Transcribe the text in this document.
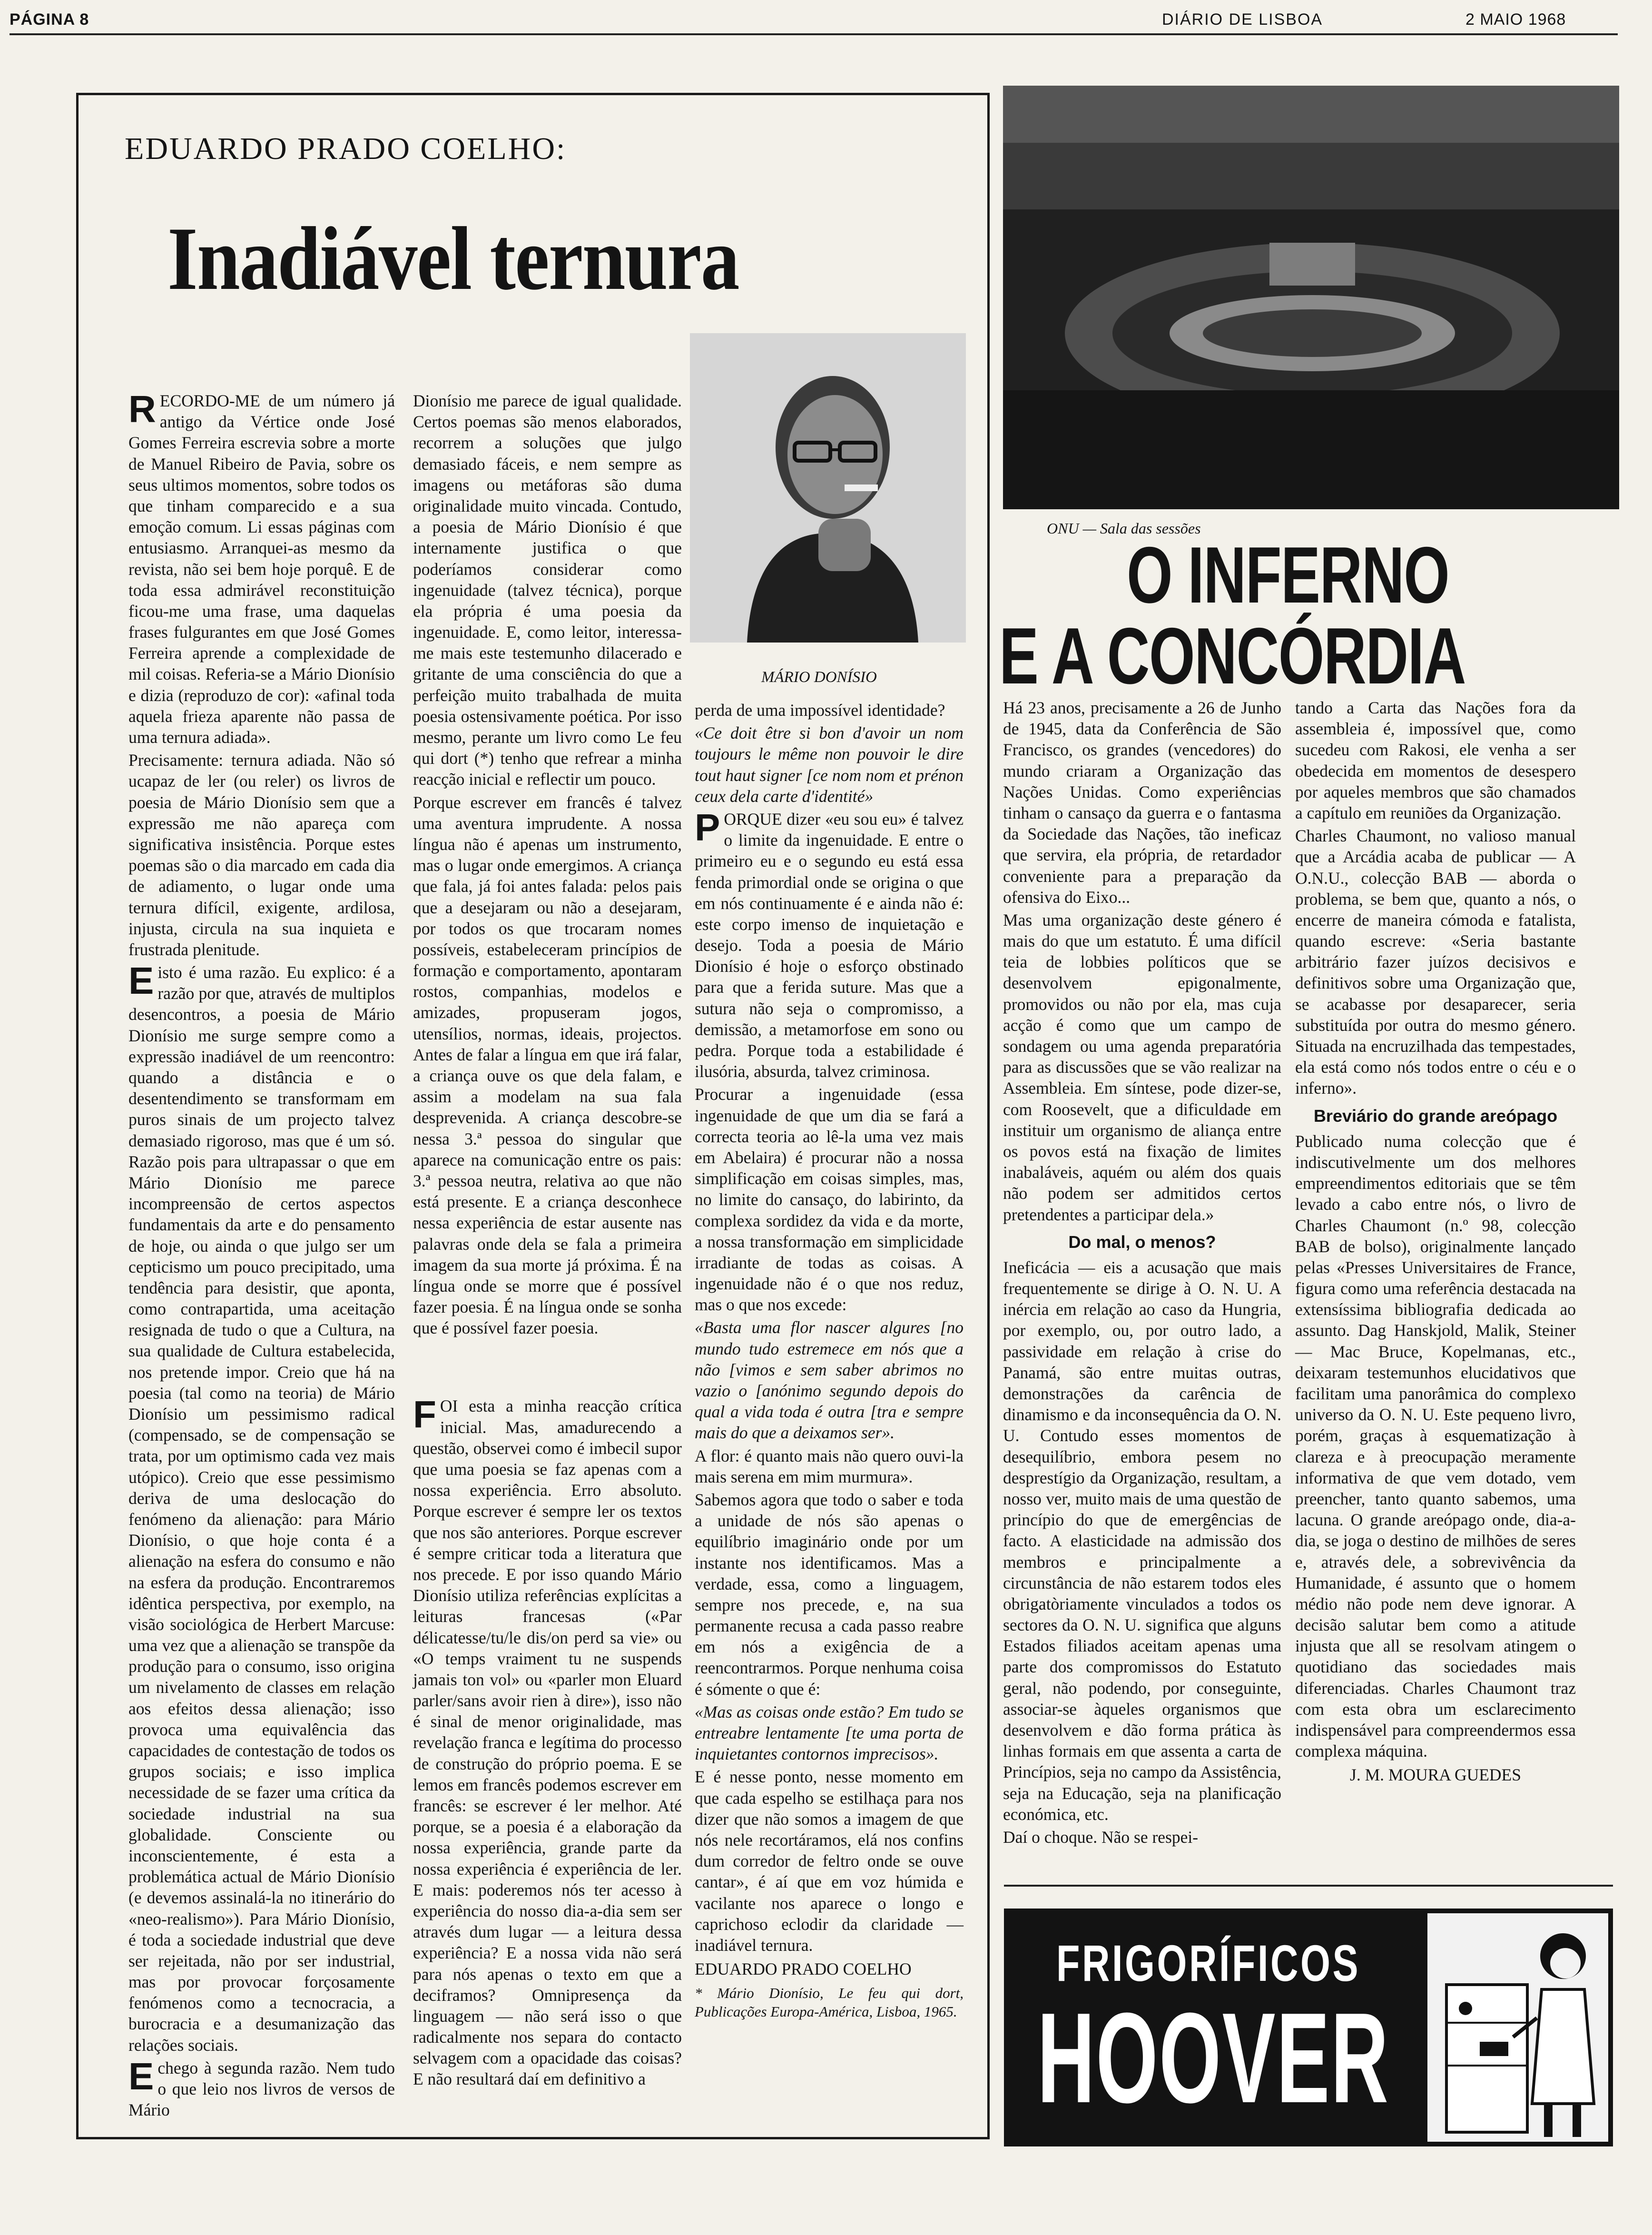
PÁGINA 8	DIÁRIO DE LISBOA	2 MAIO 1968
EDUARDO PRADO COELHO:
Inadiável ternura
MÁRIO DONÍSIO

RECORDO-ME de um número já antigo da Vértice onde José Gomes Ferreira escrevia sobre a morte de Manuel Ribeiro de Pavia, sobre os seus ultimos momentos, sobre todos os que tinham comparecido e a sua emoção comum. Li essas páginas com entusiasmo. Arranquei-as mesmo da revista, não sei bem hoje porquê. E de toda essa admirável reconstituição ficou-me uma frase, uma daquelas frases fulgurantes em que José Gomes Ferreira aprende a complexidade de mil coisas. Referia-se a Mário Dionísio e dizia (reproduzo de cor): «afinal toda aquela frieza aparente não passa de uma ternura adiada».

Precisamente: ternura adiada. Não só ucapaz de ler (ou reler) os livros de poesia de Mário Dionísio sem que a expressão me não apareça com significativa insistência. Porque estes poemas são o dia marcado em cada dia de adiamento, o lugar onde uma ternura difícil, exigente, ardilosa, injusta, circula na sua inquieta e frustrada plenitude.

Eisto é uma razão. Eu explico: é a razão por que, através de multiplos desencontros, a poesia de Mário Dionísio me surge sempre como a expressão inadiável de um reencontro: quando a distância e o desentendimento se transformam em puros sinais de um projecto talvez demasiado rigoroso, mas que é um só. Razão pois para ultrapassar o que em Mário Dionísio me parece incompreensão de certos aspectos fundamentais da arte e do pensamento de hoje, ou ainda o que julgo ser um cepticismo um pouco precipitado, uma tendência para desistir, que aponta, como contrapartida, uma aceitação resignada de tudo o que a Cultura, na sua qualidade de Cultura estabelecida, nos pretende impor. Creio que há na poesia (tal como na teoria) de Mário Dionísio um pessimismo radical (compensado, se de compensação se trata, por um optimismo cada vez mais utópico). Creio que esse pessimismo deriva de uma deslocação do fenómeno da alienação: para Mário Dionísio, o que hoje conta é a alienação na esfera do consumo e não na esfera da produção. Encontraremos idêntica perspectiva, por exemplo, na visão sociológica de Herbert Marcuse: uma vez que a alienação se transpõe da produção para o consumo, isso origina um nivelamento de classes em relação aos efeitos dessa alienação; isso provoca uma equivalência das capacidades de contestação de todos os grupos sociais; e isso implica necessidade de se fazer uma crítica da sociedade industrial na sua globalidade. Consciente ou inconscientemente, é esta a problemática actual de Mário Dionísio (e devemos assinalá-la no itinerário do «neo-realismo»). Para Mário Dionísio, é toda a sociedade industrial que deve ser rejeitada, não por ser industrial, mas por provocar forçosamente fenómenos como a tecnocracia, a burocracia e a desumanização das relações sociais.

Echego à segunda razão. Nem tudo o que leio nos livros de versos de Mário

Dionísio me parece de igual qualidade. Certos poemas são menos elaborados, recorrem a soluções que julgo demasiado fáceis, e nem sempre as imagens ou metáforas são duma originalidade muito vincada. Contudo, a poesia de Mário Dionísio é que internamente justifica o que poderíamos considerar como ingenuidade (talvez técnica), porque ela própria é uma poesia da ingenuidade. E, como leitor, interessa-me mais este testemunho dilacerado e gritante de uma consciência do que a perfeição muito trabalhada de muita poesia ostensivamente poética. Por isso mesmo, perante um livro como Le feu qui dort (*) tenho que refrear a minha reacção inicial e reflectir um pouco.

Porque escrever em francês é talvez uma aventura imprudente. A nossa língua não é apenas um instrumento, mas o lugar onde emergimos. A criança que fala, já foi antes falada: pelos pais que a desejaram ou não a desejaram, por todos os que trocaram nomes possíveis, estabeleceram princípios de formação e comportamento, apontaram rostos, companhias, modelos e amizades, propuseram jogos, utensílios, normas, ideais, projectos. Antes de falar a língua em que irá falar, a criança ouve os que dela falam, e assim a modelam na sua fala desprevenida. A criança descobre-se nessa 3.ª pessoa do singular que aparece na comunicação entre os pais: 3.ª pessoa neutra, relativa ao que não está presente. E a criança desconhece nessa experiência de estar ausente nas palavras onde dela se fala a primeira imagem da sua morte já próxima. É na língua onde se morre que é possível fazer poesia. É na língua onde se sonha que é possível fazer poesia.

FOI esta a minha reacção crítica inicial. Mas, amadurecendo a questão, observei como é imbecil supor que uma poesia se faz apenas com a nossa experiência. Erro absoluto. Porque escrever é sempre ler os textos que nos são anteriores. Porque escrever é sempre criticar toda a literatura que nos precede. E por isso quando Mário Dionísio utiliza referências explícitas a leituras francesas («Par délicatesse/tu/le dis/on perd sa vie» ou «O temps vraiment tu ne suspends jamais ton vol» ou «parler mon Eluard parler/sans avoir rien à dire»), isso não é sinal de menor originalidade, mas revelação franca e legítima do processo de construção do próprio poema. E se lemos em francês podemos escrever em francês: se escrever é ler melhor. Até porque, se a poesia é a elaboração da nossa experiência, grande parte da nossa experiência é experiência de ler. E mais: poderemos nós ter acesso à experiência do nosso dia-a-dia sem ser através dum lugar — a leitura dessa experiência? E a nossa vida não será para nós apenas o texto em que a deciframos? Omnipresença da linguagem — não será isso o que radicalmente nos separa do contacto selvagem com a opacidade das coisas? E não resultará daí em definitivo a

perda de uma impossível identidade?

«Ce doit être si bon d'avoir un nom toujours le même non pouvoir le dire tout haut signer [ce nom nom et prénon ceux dela carte d'identité»

PORQUE dizer «eu sou eu» é talvez o limite da ingenuidade. E entre o primeiro eu e o segundo eu está essa fenda primordial onde se origina o que em nós continuamente é e ainda não é: este corpo imenso de inquietação e desejo. Toda a poesia de Mário Dionísio é hoje o esforço obstinado para que a ferida suture. Mas que a sutura não seja o compromisso, a demissão, a metamorfose em sono ou pedra. Porque toda a estabilidade é ilusória, absurda, talvez criminosa.

Procurar a ingenuidade (essa ingenuidade de que um dia se fará a correcta teoria ao lê-la uma vez mais em Abelaira) é procurar não a nossa simplificação em coisas simples, mas, no limite do cansaço, do labirinto, da complexa sordidez da vida e da morte, a nossa transformação em simplicidade irradiante de todas as coisas. A ingenuidade não é o que nos reduz, mas o que nos excede:

«Basta uma flor nascer algures [no mundo tudo estremece em nós que a não [vimos e sem saber abrimos no vazio o [anónimo segundo depois do qual a vida toda é outra [tra e sempre mais do que a deixamos ser».

A flor: é quanto mais não quero ouvi-la mais serena em mim murmura».

Sabemos agora que todo o saber e toda a unidade de nós são apenas o equilíbrio imaginário onde por um instante nos identificamos. Mas a verdade, essa, como a linguagem, sempre nos precede, e, na sua permanente recusa a cada passo reabre em nós a exigência de a reencontrarmos. Porque nenhuma coisa é sómente o que é:

«Mas as coisas onde estão? Em tudo se entreabre lentamente [te uma porta de inquietantes contornos imprecisos».

E é nesse ponto, nesse momento em que cada espelho se estilhaça para nos dizer que não somos a imagem de que nós nele recortáramos, elá nos confins dum corredor de feltro onde se ouve cantar», é aí que em voz húmida e vacilante nos aparece o longo e caprichoso eclodir da claridade — inadiável ternura.

EDUARDO PRADO COELHO

* Mário Dionísio, Le feu qui dort, Publicações Europa-América, Lisboa, 1965.

ONU — Sala das sessões
O INFERNO
E A CONCÓRDIA

Há 23 anos, precisamente a 26 de Junho de 1945, data da Conferência de São Francisco, os grandes (vencedores) do mundo criaram a Organização das Nações Unidas. Como experiências tinham o cansaço da guerra e o fantasma da Sociedade das Nações, tão ineficaz que servira, ela própria, de retardador conveniente para a preparação da ofensiva do Eixo...

Mas uma organização deste género é mais do que um estatuto. É uma difícil teia de lobbies políticos que se desenvolvem epigonalmente, promovidos ou não por ela, mas cuja acção é como que um campo de sondagem ou uma agenda preparatória para as discussões que se vão realizar na Assembleia. Em síntese, pode dizer-se, com Roosevelt, que a dificuldade em instituir um organismo de aliança entre os povos está na fixação de limites inabaláveis, aquém ou além dos quais não podem ser admitidos certos pretendentes a participar dela.»

Do mal, o menos?

Ineficácia — eis a acusação que mais frequentemente se dirige à O. N. U. A inércia em relação ao caso da Hungria, por exemplo, ou, por outro lado, a passividade em relação à crise do Panamá, são entre muitas outras, demonstrações da carência de dinamismo e da inconsequência da O. N. U. Contudo esses momentos de desequilíbrio, embora pesem no desprestígio da Organização, resultam, a nosso ver, muito mais de uma questão de princípio do que de emergências de facto. A elasticidade na admissão dos membros e principalmente a circunstância de não estarem todos eles obrigatòriamente vinculados a todos os sectores da O. N. U. significa que alguns Estados filiados aceitam apenas uma parte dos compromissos do Estatuto geral, não podendo, por conseguinte, associar-se àqueles organismos que desenvolvem e dão forma prática às linhas formais em que assenta a carta de Princípios, seja no campo da Assistência, seja na Educação, seja na planificação económica, etc.

Daí o choque. Não se respei-

tando a Carta das Nações fora da assembleia é, impossível que, como sucedeu com Rakosi, ele venha a ser obedecida em momentos de desespero por aqueles membros que são chamados a capítulo em reuniões da Organização.

Charles Chaumont, no valioso manual que a Arcádia acaba de publicar — A O.N.U., colecção BAB — aborda o problema, se bem que, quanto a nós, o encerre de maneira cómoda e fatalista, quando escreve: «Seria bastante arbitrário fazer juízos decisivos e definitivos sobre uma Organização que, se acabasse por desaparecer, seria substituída por outra do mesmo género. Situada na encruzilhada das tempestades, ela está como nós todos entre o céu e o inferno».

Breviário do grande areópago

Publicado numa colecção que é indiscutivelmente um dos melhores empreendimentos editoriais que se têm levado a cabo entre nós, o livro de Charles Chaumont (n.º 98, colecção BAB de bolso), originalmente lançado pelas «Presses Universitaires de France, figura como uma referência destacada na extensíssima bibliografia dedicada ao assunto. Dag Hanskjold, Malik, Steiner — Mac Bruce, Kopelmanas, etc., deixaram testemunhos elucidativos que facilitam uma panorâmica do complexo universo da O. N. U. Este pequeno livro, porém, graças à esquematização à clareza e à preocupação meramente informativa de que vem dotado, vem preencher, tanto quanto sabemos, uma lacuna. O grande areópago onde, dia-a-dia, se joga o destino de milhões de seres e, através dele, a sobrevivência da Humanidade, é assunto que o homem médio não pode nem deve ignorar. A decisão salutar bem como a atitude injusta que all se resolvam atingem o quotidiano das sociedades mais diferenciadas. Charles Chaumont traz com esta obra um esclarecimento indispensável para compreendermos essa complexa máquina.

J. M. MOURA GUEDES

FRIGORÍFICOS
HOOVER
